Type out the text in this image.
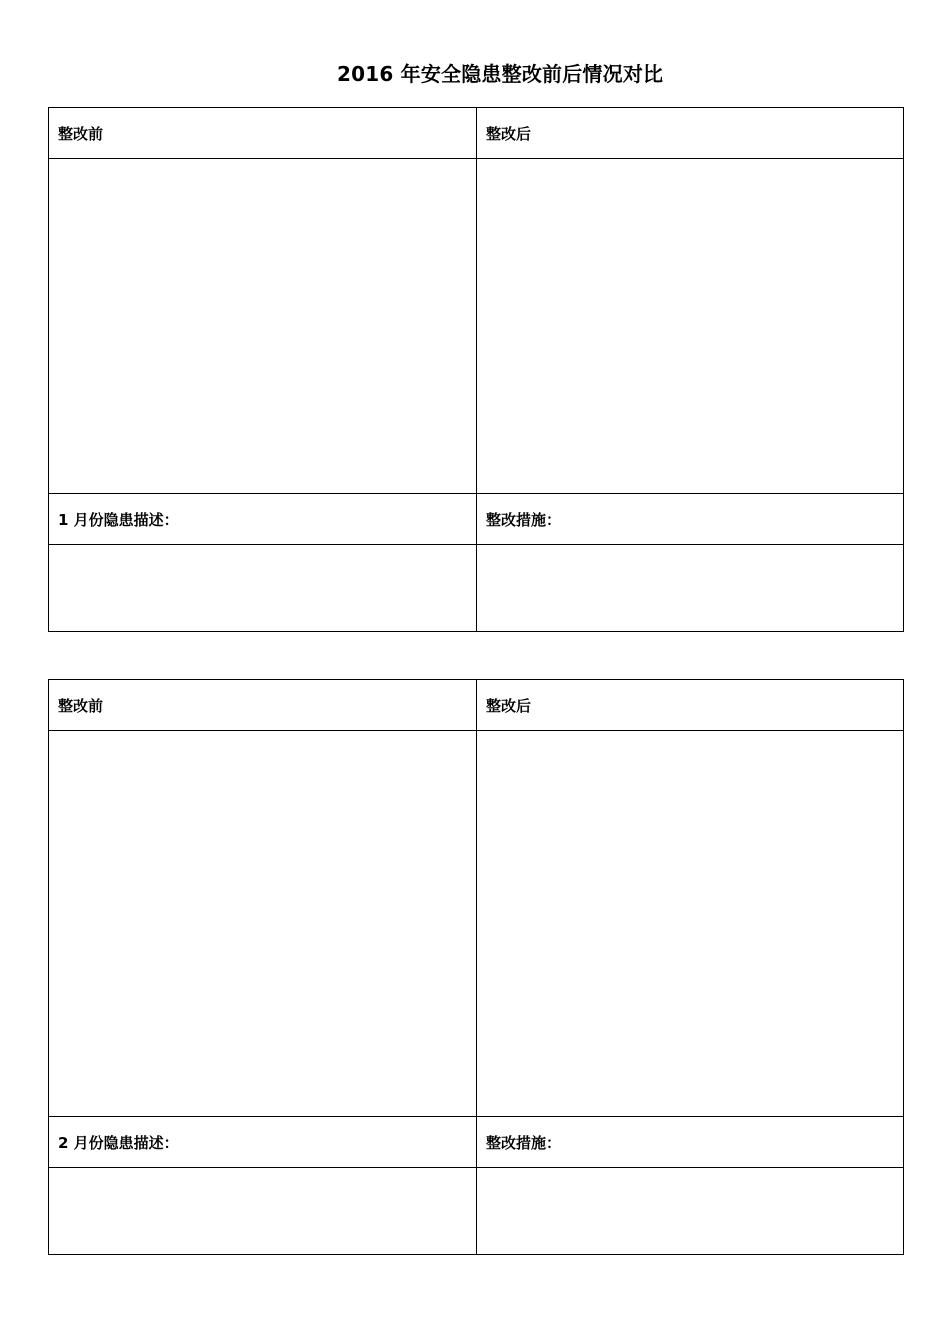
2016 年安全隐患整改前后情况对比
整改前	整改后

1 月份隐患描述：	整改措施：

整改前	整改后

2 月份隐患描述：	整改措施：
